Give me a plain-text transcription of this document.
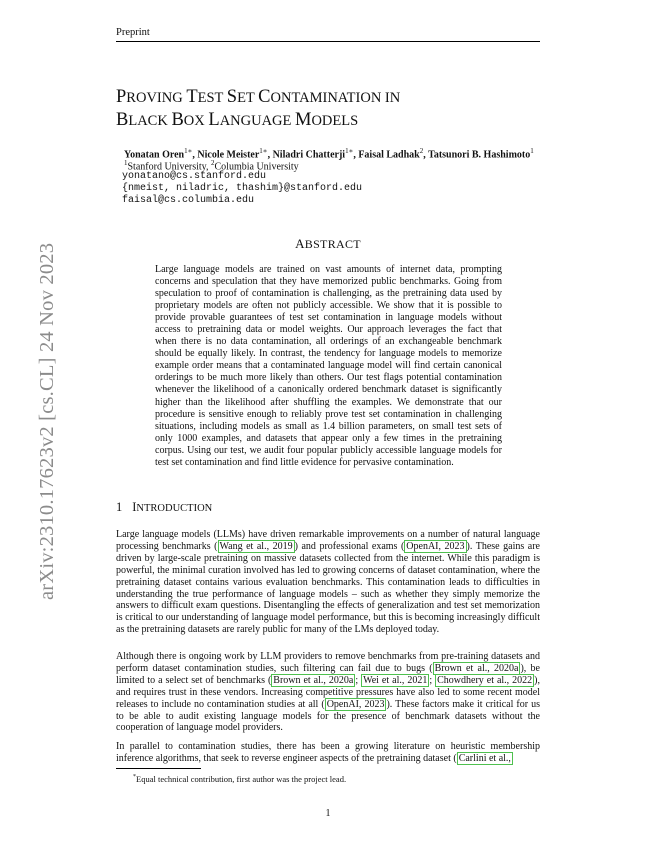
Preprint
arXiv:2310.17623v2 [cs.CL] 24 Nov 2023
PROVING TEST SET CONTAMINATION IN
BLACK BOX LANGUAGE MODELS
Yonatan Oren$^{1∗}$, Nicole Meister$^{1∗}$, Niladri Chatterji$^{1∗}$, Faisal Ladhak$^2$, Tatsunori B. Hashimoto$^1$
$^1$Stanford University, $^2$Columbia University
yonatano@cs.stanford.edu
{nmeist, niladric, thashim}@stanford.edu
faisal@cs.columbia.edu
ABSTRACT
Large language models are trained on vast amounts of internet data, prompting concerns and speculation that they have memorized public benchmarks. Going from speculation to proof of contamination is challenging, as the pretraining data used by proprietary models are often not publicly accessible. We show that it is possible to provide provable guarantees of test set contamination in language models without access to pretraining data or model weights. Our approach leverages the fact that when there is no data contamination, all orderings of an exchangeable benchmark should be equally likely. In contrast, the tendency for language models to memorize example order means that a contaminated language model will find certain canonical orderings to be much more likely than others. Our test flags potential contamination whenever the likelihood of a canonically ordered benchmark dataset is significantly higher than the likelihood after shuffling the examples. We demonstrate that our procedure is sensitive enough to reliably prove test set contamination in challenging situations, including models as small as 1.4 billion parameters, on small test sets of only 1000 examples, and datasets that appear only a few times in the pretraining corpus. Using our test, we audit four popular publicly accessible language models for test set contamination and find little evidence for pervasive contamination.
1 INTRODUCTION
Large language models (LLMs) have driven remarkable improvements on a number of natural language processing benchmarks ( Wang et al., 2019 ) and professional exams ( OpenAI, 2023 ). These gains are driven by large-scale pretraining on massive datasets collected from the internet. While this paradigm is powerful, the minimal curation involved has led to growing concerns of dataset contamination, where the pretraining dataset contains various evaluation benchmarks. This contamination leads to difficulties in understanding the true performance of language models – such as whether they simply memorize the answers to difficult exam questions. Disentangling the effects of generalization and test set memorization is critical to our understanding of language model performance, but this is becoming increasingly difficult as the pretraining datasets are rarely public for many of the LMs deployed today.
Although there is ongoing work by LLM providers to remove benchmarks from pre-training datasets and perform dataset contamination studies, such filtering can fail due to bugs ( Brown et al., 2020a ), be limited to a select set of benchmarks ( Brown et al., 2020a ; Wei et al., 2021 ; Chowdhery et al., 2022 ), and requires trust in these vendors. Increasing competitive pressures have also led to some recent model releases to include no contamination studies at all ( OpenAI, 2023 ). These factors make it critical for us to be able to audit existing language models for the presence of benchmark datasets without the cooperation of language model providers.
In parallel to contamination studies, there has been a growing literature on heuristic membership inference algorithms, that seek to reverse engineer aspects of the pretraining dataset ( Carlini et al.,
*Equal technical contribution, first author was the project lead.
1
